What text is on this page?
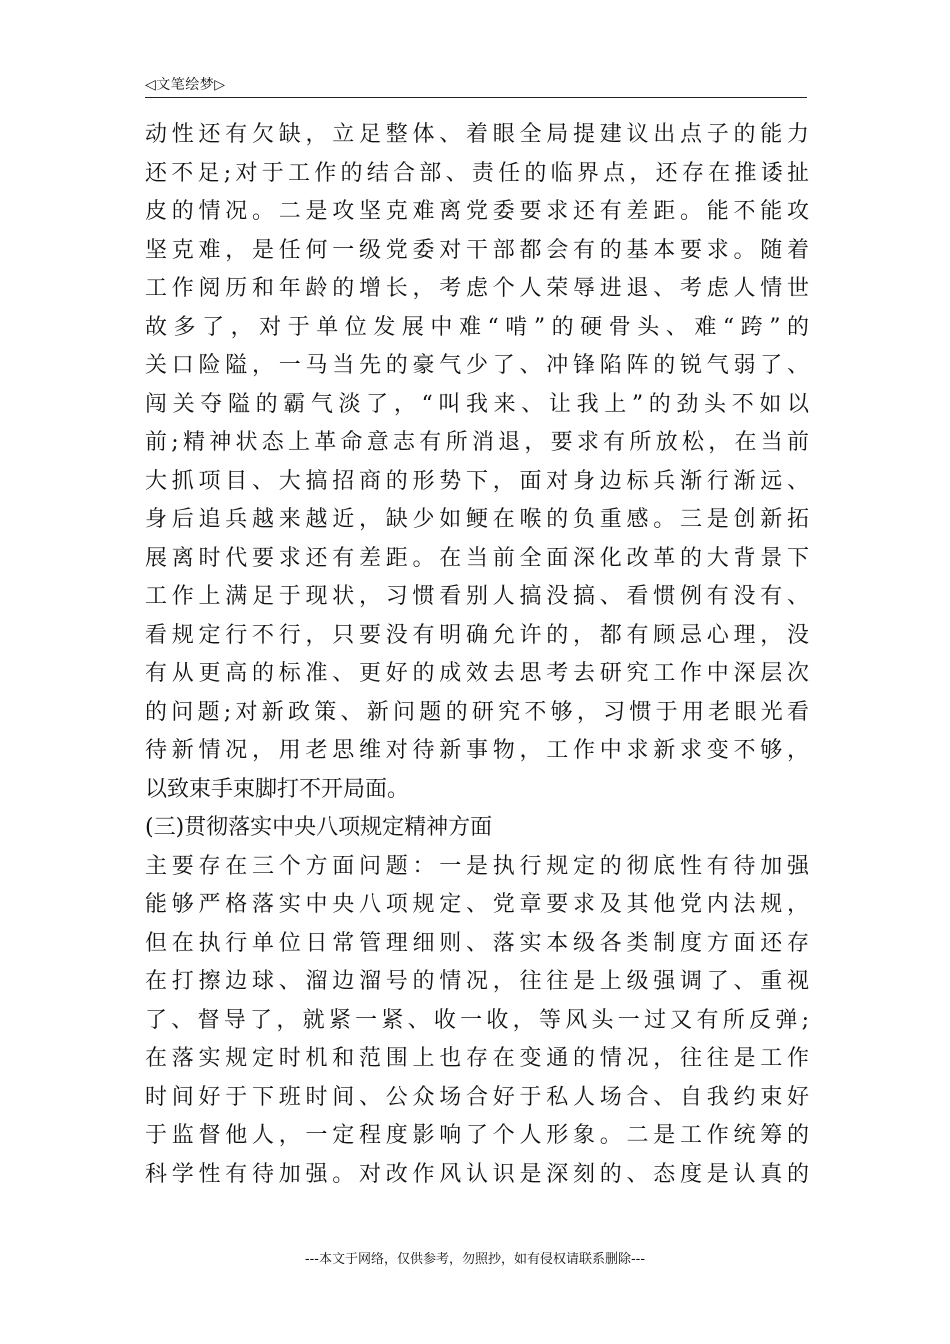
◁文笔绘梦▷
动性还有欠缺，立足整体、着眼全局提建议出点子的能力
还不足;对于工作的结合部、责任的临界点，还存在推诿扯
皮的情况。二是攻坚克难离党委要求还有差距。能不能攻
坚克难，是任何一级党委对干部都会有的基本要求。随着
工作阅历和年龄的增长，考虑个人荣辱进退、考虑人情世
故多了，对于单位发展中难“啃”的硬骨头、难“跨”的
关口险隘，一马当先的豪气少了、冲锋陷阵的锐气弱了、
闯关夺隘的霸气淡了，“叫我来、让我上”的劲头不如以
前;精神状态上革命意志有所消退，要求有所放松，在当前
大抓项目、大搞招商的形势下，面对身边标兵渐行渐远、
身后追兵越来越近，缺少如鲠在喉的负重感。三是创新拓
展离时代要求还有差距。在当前全面深化改革的大背景下
工作上满足于现状，习惯看别人搞没搞、看惯例有没有、
看规定行不行，只要没有明确允许的，都有顾忌心理，没
有从更高的标准、更好的成效去思考去研究工作中深层次
的问题;对新政策、新问题的研究不够，习惯于用老眼光看
待新情况，用老思维对待新事物，工作中求新求变不够，
以致束手束脚打不开局面。
(三)贯彻落实中央八项规定精神方面
主要存在三个方面问题：一是执行规定的彻底性有待加强
能够严格落实中央八项规定、党章要求及其他党内法规，
但在执行单位日常管理细则、落实本级各类制度方面还存
在打擦边球、溜边溜号的情况，往往是上级强调了、重视
了、督导了，就紧一紧、收一收，等风头一过又有所反弹;
在落实规定时机和范围上也存在变通的情况，往往是工作
时间好于下班时间、公众场合好于私人场合、自我约束好
于监督他人，一定程度影响了个人形象。二是工作统筹的
科学性有待加强。对改作风认识是深刻的、态度是认真的
---本文于网络，仅供参考，勿照抄，如有侵权请联系删除---
